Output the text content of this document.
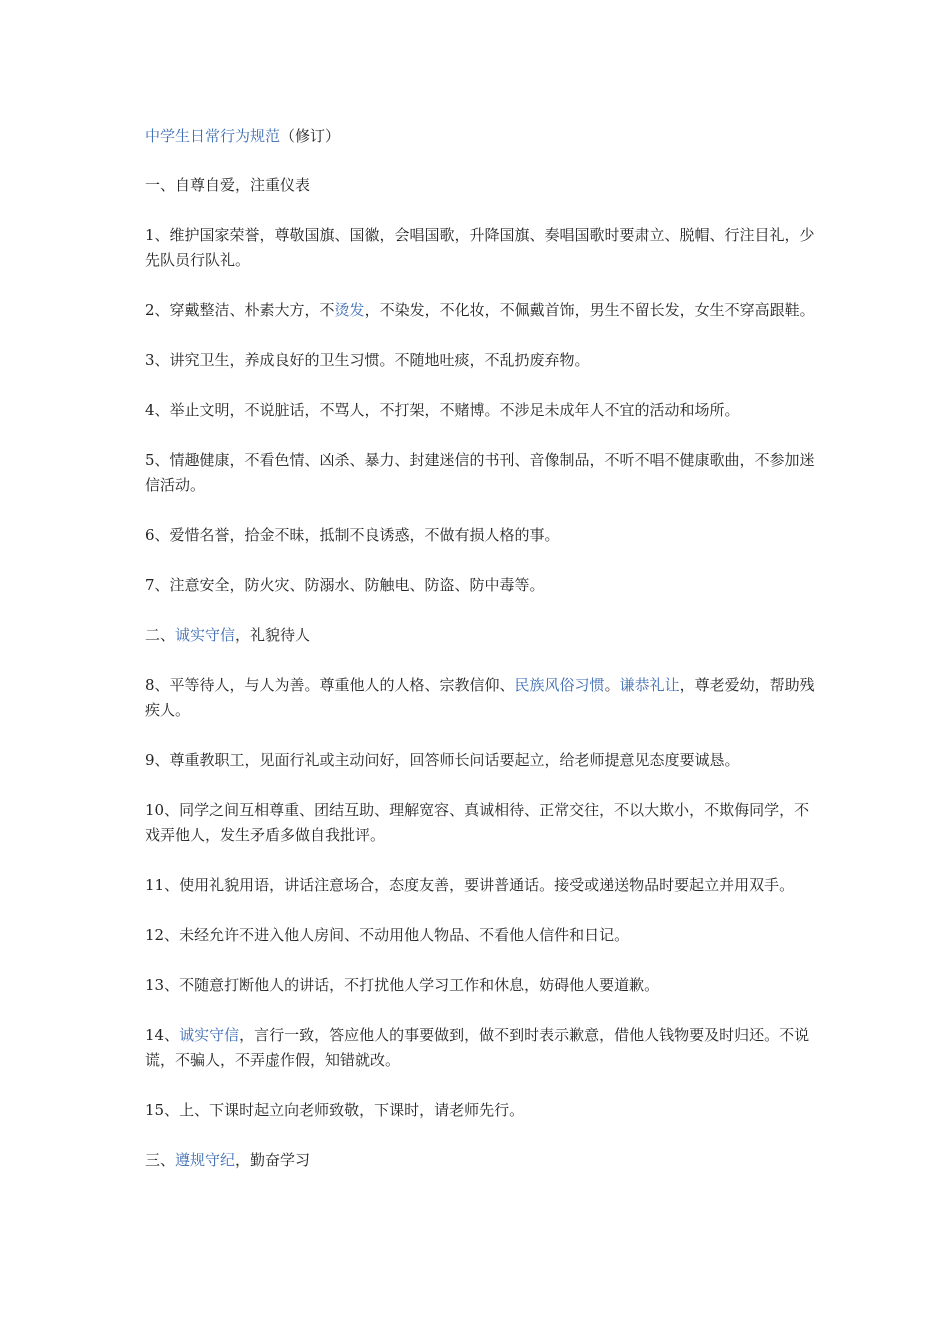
中学生日常行为规范（修订）

一、自尊自爱，注重仪表

1、维护国家荣誉，尊敬国旗、国徽，会唱国歌，升降国旗、奏唱国歌时要肃立、脱帽、行注目礼，少先队员行队礼。

2、穿戴整洁、朴素大方，不烫发，不染发，不化妆，不佩戴首饰，男生不留长发，女生不穿高跟鞋。

3、讲究卫生，养成良好的卫生习惯。不随地吐痰，不乱扔废弃物。

4、举止文明，不说脏话，不骂人，不打架，不赌博。不涉足未成年人不宜的活动和场所。

5、情趣健康，不看色情、凶杀、暴力、封建迷信的书刊、音像制品，不听不唱不健康歌曲，不参加迷信活动。

6、爱惜名誉，拾金不昧，抵制不良诱惑，不做有损人格的事。

7、注意安全，防火灾、防溺水、防触电、防盗、防中毒等。

二、诚实守信，礼貌待人

8、平等待人，与人为善。尊重他人的人格、宗教信仰、民族风俗习惯。谦恭礼让，尊老爱幼，帮助残疾人。

9、尊重教职工，见面行礼或主动问好，回答师长问话要起立，给老师提意见态度要诚恳。

10、同学之间互相尊重、团结互助、理解宽容、真诚相待、正常交往，不以大欺小，不欺侮同学，不戏弄他人，发生矛盾多做自我批评。

11、使用礼貌用语，讲话注意场合，态度友善，要讲普通话。接受或递送物品时要起立并用双手。

12、未经允许不进入他人房间、不动用他人物品、不看他人信件和日记。

13、不随意打断他人的讲话，不打扰他人学习工作和休息，妨碍他人要道歉。

14、诚实守信，言行一致，答应他人的事要做到，做不到时表示歉意，借他人钱物要及时归还。不说谎，不骗人，不弄虚作假，知错就改。

15、上、下课时起立向老师致敬，下课时，请老师先行。

三、遵规守纪，勤奋学习
